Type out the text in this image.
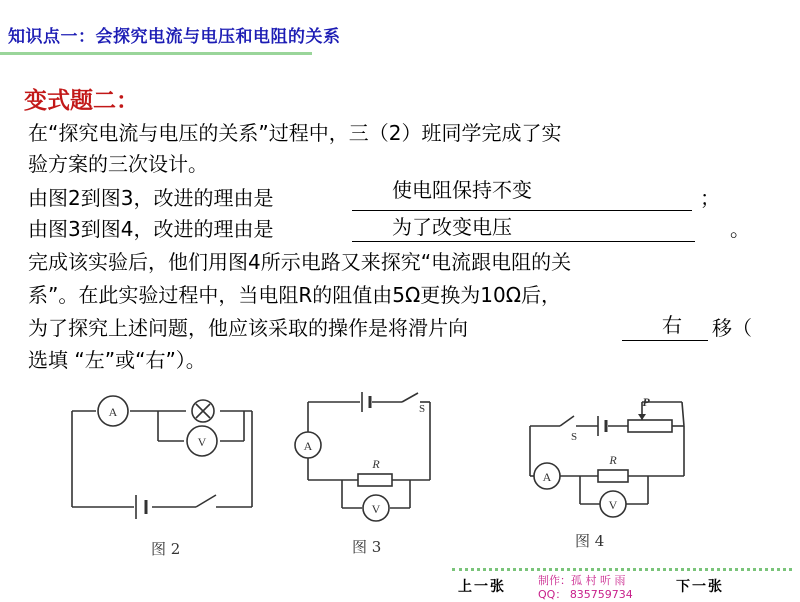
知识点一：会探究电流与电压和电阻的关系
变式题二：
在“探究电流与电压的关系”过程中，三（2）班同学完成了实
验方案的三次设计。
由图2到图3，改进的理由是	使电阻保持不变	；
由图3到图4，改进的理由是	为了改变电压	。
完成该实验后，他们用图4所示电路又来探究“电流跟电阻的关
系”。在此实验过程中，当电阻R的阻值由5Ω更换为10Ω后，
为了探究上述问题，他应该采取的操作是将滑片向	右 移（
选填 “左”或“右”）。
A
V
图 2
A
V
R
S
图 3
A
V
R
S
P
图 4
上一张	制作：孤 村 听 雨
QQ： 835759734	下一张
